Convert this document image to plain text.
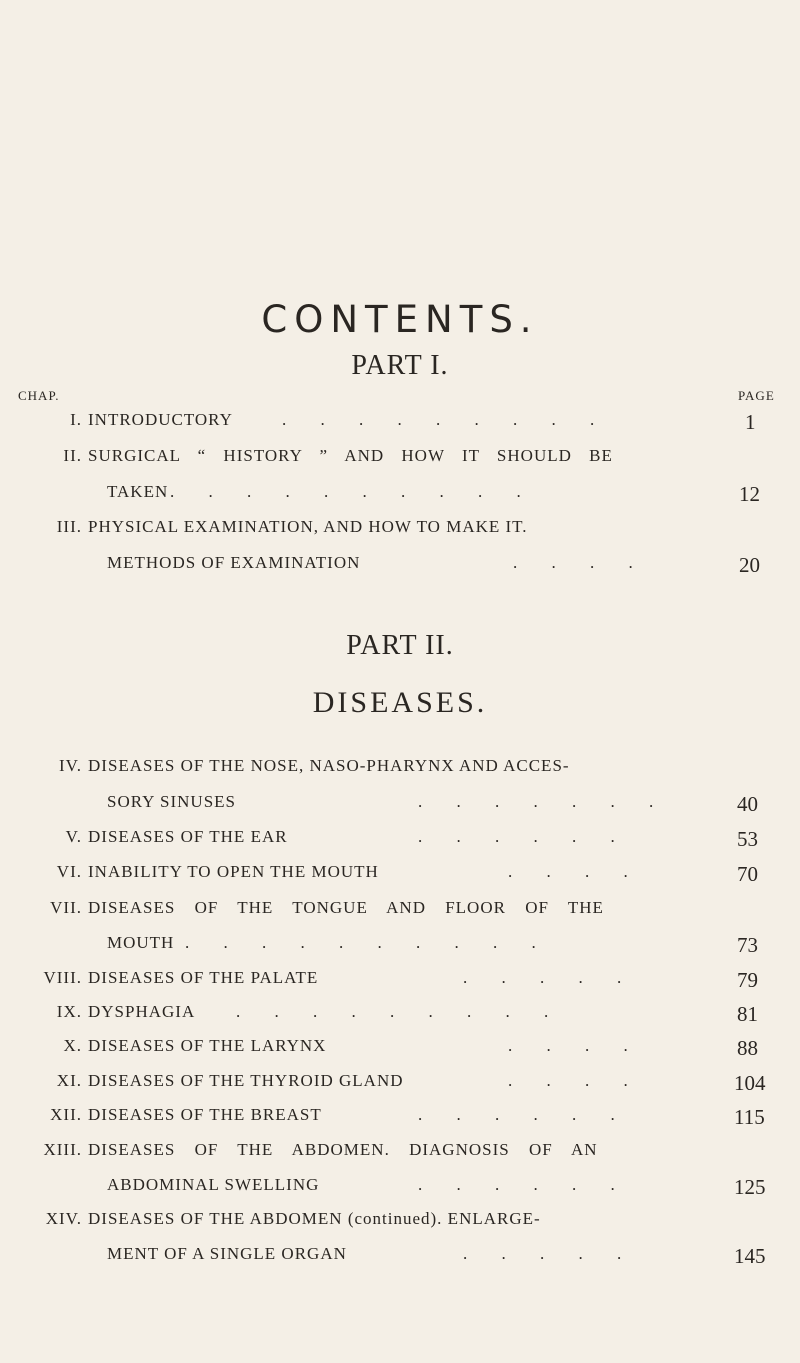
CONTENTS.
PART I.
CHAP.	PAGE
I. INTRODUCTORY	. . . . . . . . .	1
II. SURGICAL “ HISTORY ” AND HOW IT SHOULD BE
TAKEN . . . . . . . . . .	12
III. PHYSICAL EXAMINATION, AND HOW TO MAKE IT.
METHODS OF EXAMINATION	. . . .	20
PART II.
DISEASES.
IV. DISEASES OF THE NOSE, NASO-PHARYNX AND ACCES-
SORY SINUSES	. . . . . . .	40
V. DISEASES OF THE EAR	. . . . . .	53
VI. INABILITY TO OPEN THE MOUTH	. . . .	70
VII. DISEASES OF THE TONGUE AND FLOOR OF THE
MOUTH . . . . . . . . . .	73
VIII. DISEASES OF THE PALATE	. . . . .	79
IX. DYSPHAGIA . . . . . . . . .	81
X. DISEASES OF THE LARYNX	. . . .	88
XI. DISEASES OF THE THYROID GLAND	. . . .	104
XII. DISEASES OF THE BREAST	. . . . . .	115
XIII. DISEASES OF THE ABDOMEN. DIAGNOSIS OF AN
ABDOMINAL SWELLING	. . . . . .	125
XIV. DISEASES OF THE ABDOMEN (continued). ENLARGE-
MENT OF A SINGLE ORGAN	. . . . .	145
